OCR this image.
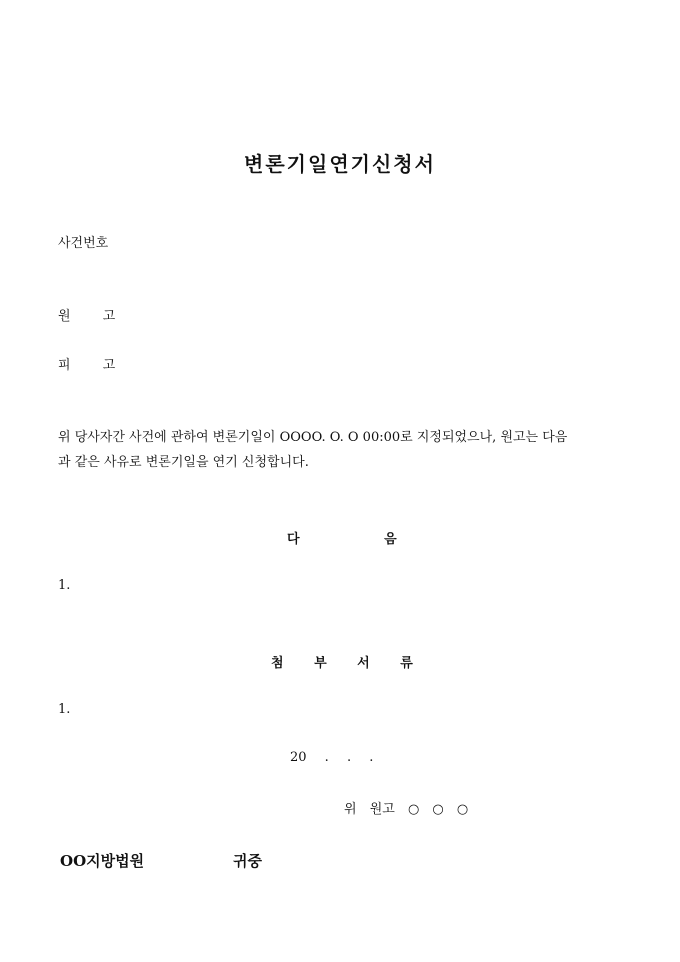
변론기일연기신청서
사건번호
원 고
피 고
위 당사자간 사건에 관하여 변론기일이 OOOO. O. O 00:00로 지정되었으나, 원고는 다음
과 같은 사유로 변론기일을 연기 신청합니다.
다 음
1.
첨 부 서 류
1.
20 . . .
위 원고 ○ ○ ○
OO지방법원	귀중
